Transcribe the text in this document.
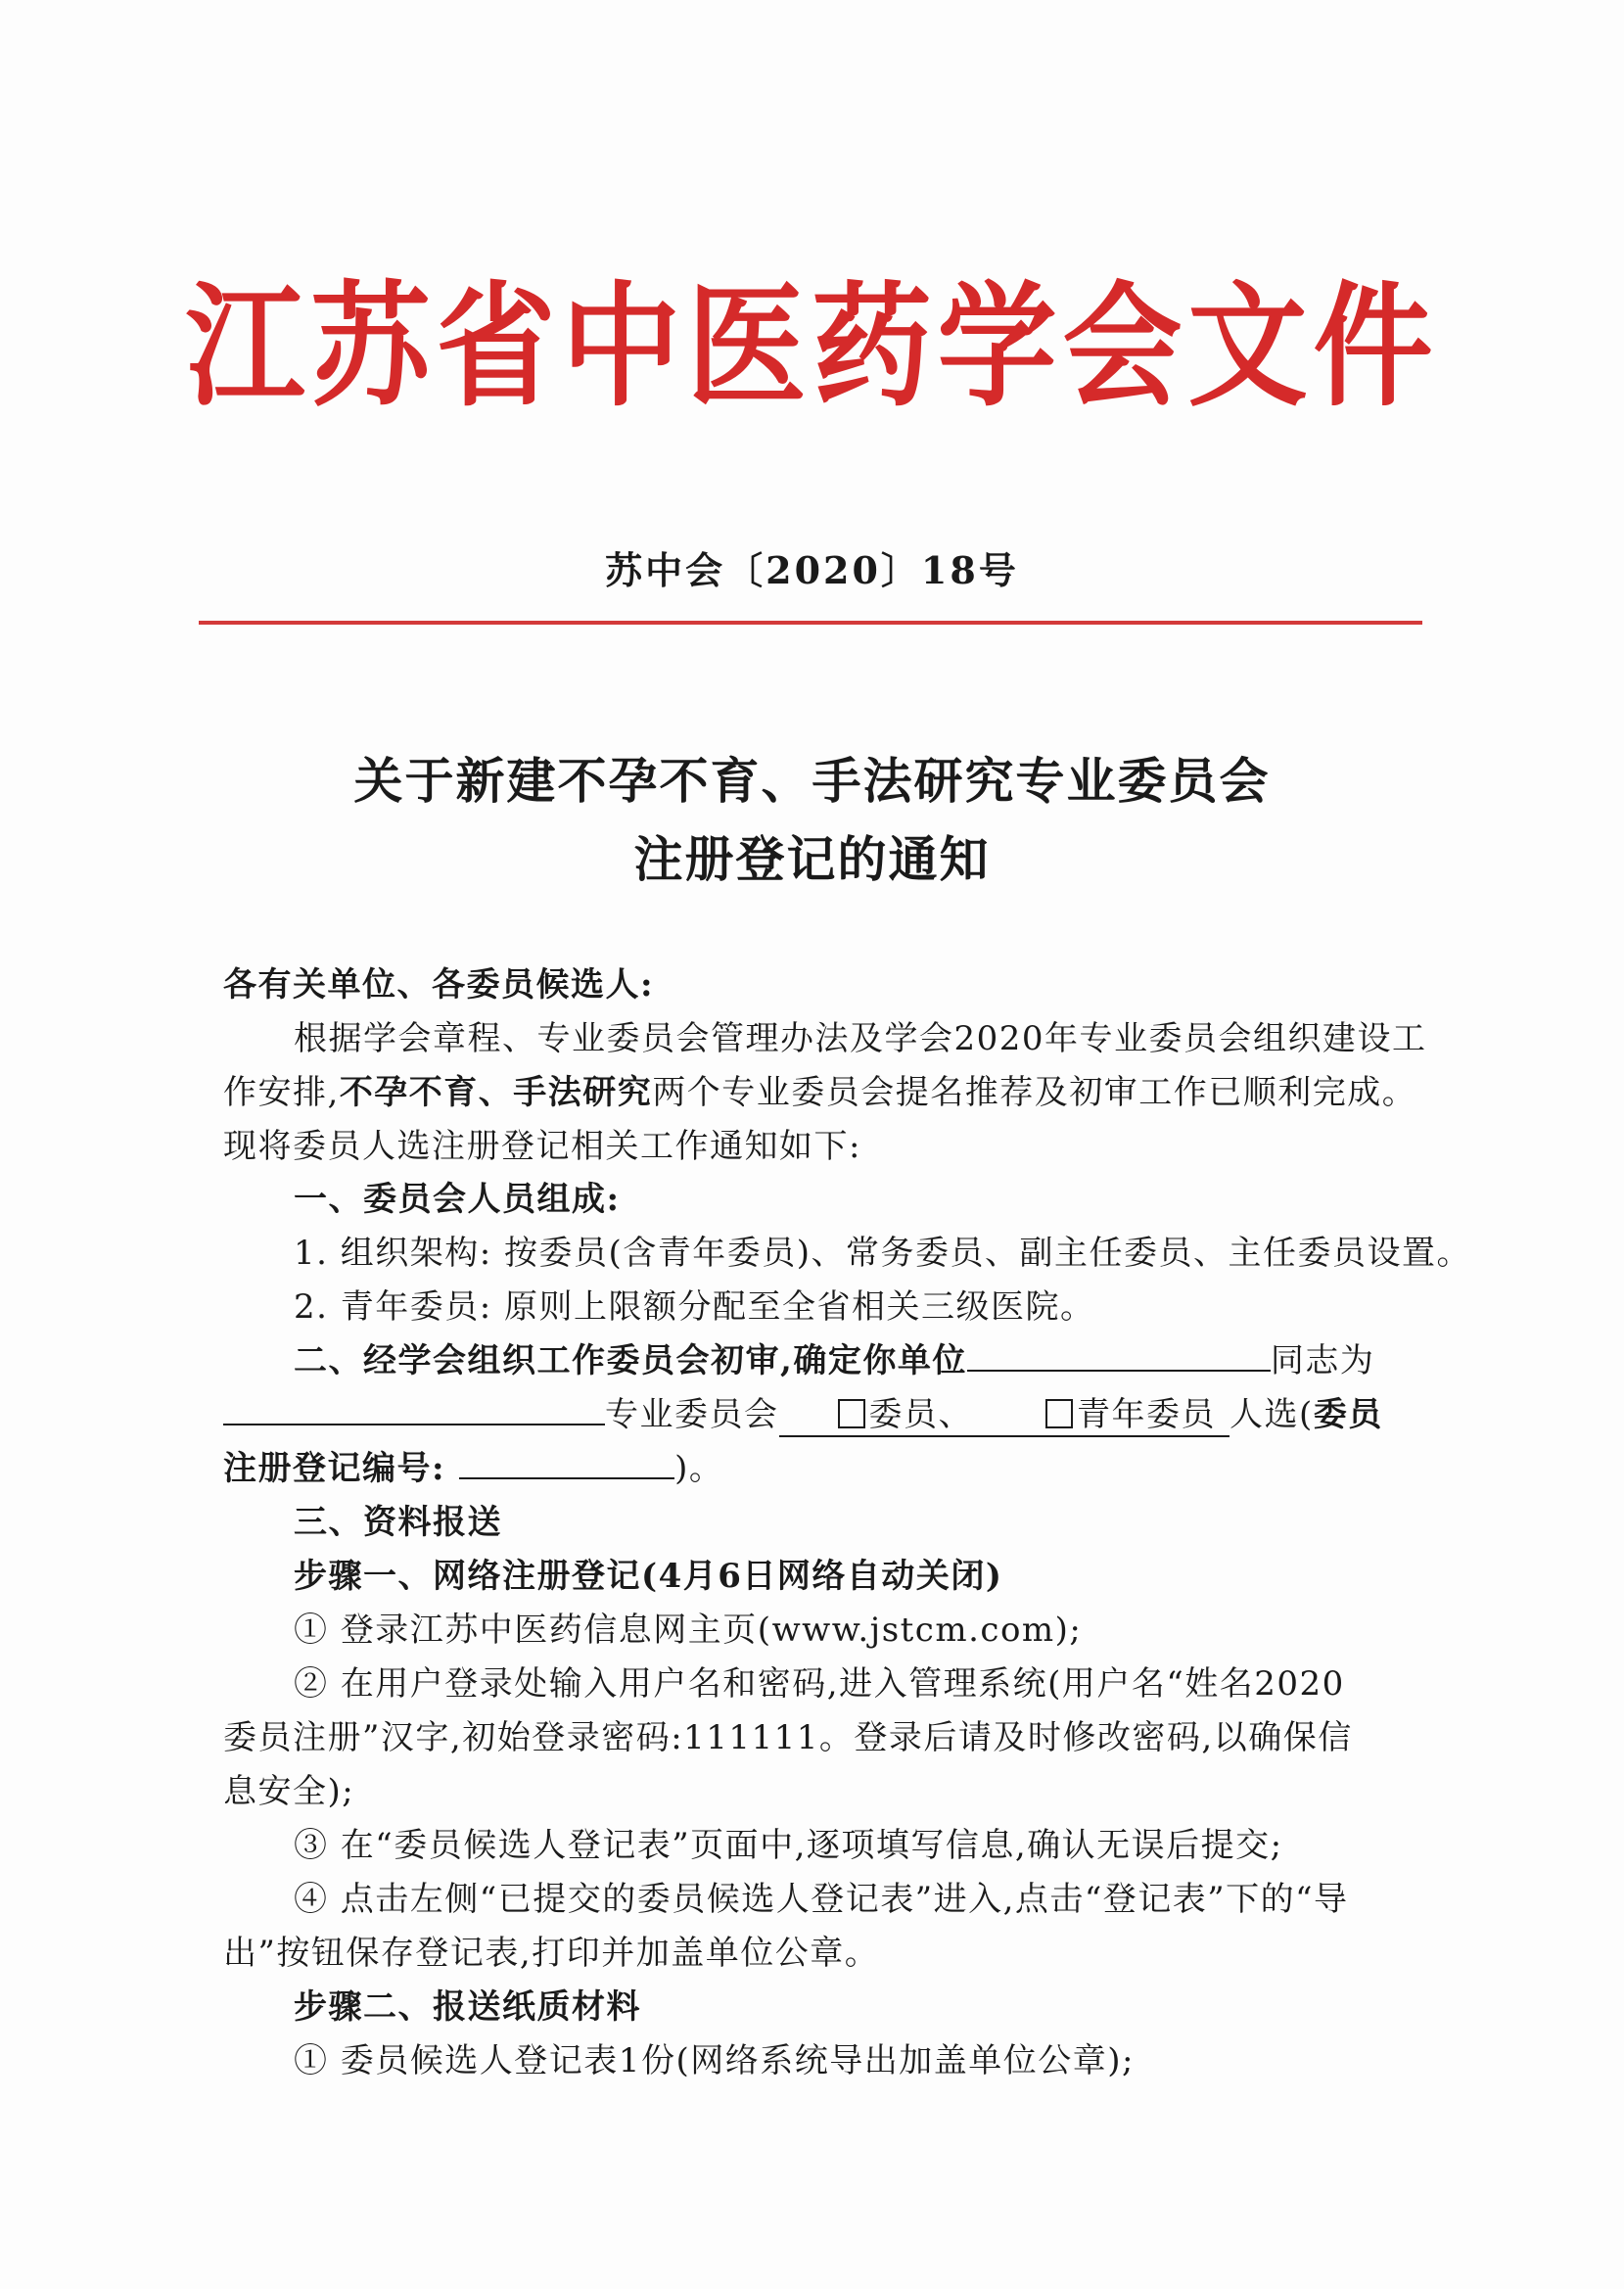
江苏省中医药学会文件
苏中会〔2020〕18号
关于新建不孕不育、手法研究专业委员会
注册登记的通知
各有关单位、各委员候选人:
根据学会章程、专业委员会管理办法及学会2020年专业委员会组织建设工
作安排,不孕不育、手法研究两个专业委员会提名推荐及初审工作已顺利完成。
现将委员人选注册登记相关工作通知如下:
一、委员会人员组成:
1. 组织架构: 按委员(含青年委员)、常务委员、副主任委员、主任委员设置。
2. 青年委员: 原则上限额分配至全省相关三级医院。
二、经学会组织工作委员会初审,确定你单位	同志为
专业委员会	委员、	青年委员 人选(委员
注册登记编号:	)。
三、资料报送
步骤一、网络注册登记(4月6日网络自动关闭)
① 登录江苏中医药信息网主页(www.jstcm.com);
② 在用户登录处输入用户名和密码,进入管理系统(用户名“姓名2020
委员注册”汉字,初始登录密码:111111。登录后请及时修改密码,以确保信
息安全);
③ 在“委员候选人登记表”页面中,逐项填写信息,确认无误后提交;
④ 点击左侧“已提交的委员候选人登记表”进入,点击“登记表”下的“导
出”按钮保存登记表,打印并加盖单位公章。
步骤二、报送纸质材料
① 委员候选人登记表1份(网络系统导出加盖单位公章);
